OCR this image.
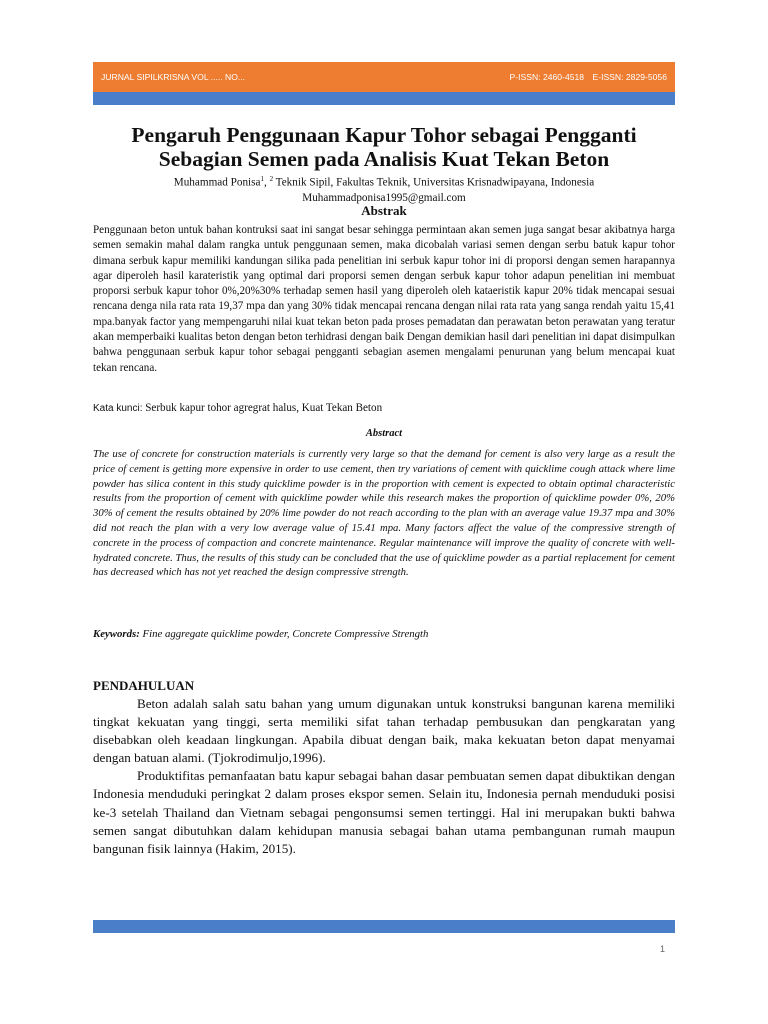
JURNAL SIPILKRISNA VOL ..... NO...	P-ISSN: 2460-4518 E-ISSN: 2829-5056
Pengaruh Penggunaan Kapur Tohor sebagai Pengganti
Sebagian Semen pada Analisis Kuat Tekan Beton
Muhammad Ponisa$^1$, $^2$ Teknik Sipil, Fakultas Teknik, Universitas Krisnadwipayana, Indonesia
Muhammadponisa1995@gmail.com
Abstrak

Penggunaan beton untuk bahan kontruksi saat ini sangat besar sehingga permintaan akan semen juga sangat besar akibatnya harga semen semakin mahal dalam rangka untuk penggunaan semen, maka dicobalah variasi semen dengan serbu batuk kapur tohor dimana serbuk kapur memiliki kandungan silika pada penelitian ini serbuk kapur tohor ini di proporsi dengan semen harapannya agar diperoleh hasil karateristik yang optimal dari proporsi semen dengan serbuk kapur tohor adapun penelitian ini membuat proporsi serbuk kapur tohor 0%,20%30% terhadap semen hasil yang diperoleh oleh kataeristik kapur 20% tidak mencapai sesuai rencana denga nila rata rata 19,37 mpa dan yang 30% tidak mencapai rencana dengan nilai rata rata yang sanga rendah yaitu 15,41 mpa.banyak factor yang mempengaruhi nilai kuat tekan beton pada proses pemadatan dan perawatan beton perawatan yang teratur akan memperbaiki kualitas beton dengan beton terhidrasi dengan baik Dengan demikian hasil dari penelitian ini dapat disimpulkan bahwa penggunaan serbuk kapur tohor sebagai pengganti sebagian asemen mengalami penurunan yang belum mencapai kuat tekan rencana.

Kata kunci: Serbuk kapur tohor agregrat halus, Kuat Tekan Beton
Abstract

The use of concrete for construction materials is currently very large so that the demand for cement is also very large as a result the price of cement is getting more expensive in order to use cement, then try variations of cement with quicklime cough attack where lime powder has silica content in this study quicklime powder is in the proportion with cement is expected to obtain optimal characteristic results from the proportion of cement with quicklime powder while this research makes the proportion of quicklime powder 0%, 20% 30% of cement the results obtained by 20% lime powder do not reach according to the plan with an average value 19.37 mpa and 30% did not reach the plan with a very low average value of 15.41 mpa. Many factors affect the value of the compressive strength of concrete in the process of compaction and concrete maintenance. Regular maintenance will improve the quality of concrete with well-hydrated concrete. Thus, the results of this study can be concluded that the use of quicklime powder as a partial replacement for cement has decreased which has not yet reached the design compressive strength.

Keywords: Fine aggregate quicklime powder, Concrete Compressive Strength
PENDAHULUAN

Beton adalah salah satu bahan yang umum digunakan untuk konstruksi bangunan karena memiliki tingkat kekuatan yang tinggi, serta memiliki sifat tahan terhadap pembusukan dan pengkaratan yang disebabkan oleh keadaan lingkungan. Apabila dibuat dengan baik, maka kekuatan beton dapat menyamai dengan batuan alami. (Tjokrodimuljo,1996).

Produktifitas pemanfaatan batu kapur sebagai bahan dasar pembuatan semen dapat dibuktikan dengan Indonesia menduduki peringkat 2 dalam proses ekspor semen. Selain itu, Indonesia pernah menduduki posisi ke-3 setelah Thailand dan Vietnam sebagai pengonsumsi semen tertinggi. Hal ini merupakan bukti bahwa semen sangat dibutuhkan dalam kehidupan manusia sebagai bahan utama pembangunan rumah maupun bangunan fisik lainnya (Hakim, 2015).

1
